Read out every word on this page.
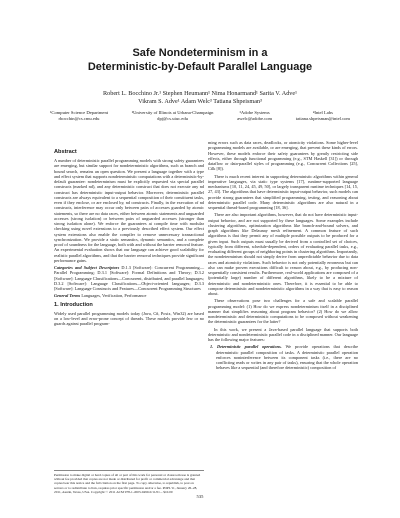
Safe Nondeterminism in a
Deterministic-by-Default Parallel Language
Robert L. Bocchino Jr.¹ Stephen Heumann¹ Nima Honarmand¹ Sarita V. Adve¹
Vikram S. Adve¹ Adam Welc³ Tatiana Shpeisman³
¹Computer Science Department
rbocchin@cs.cmu.edu
²University of Illinois at Urbana-Champaign
dpj@cs.uiuc.edu
³Adobe Systems
awelc@adobe.com
⁴Intel Labs
tatiana.shpeisman@intel.com
Abstract

A number of deterministic parallel programming models with strong safety guarantees are emerging, but similar support for nondeterministic algorithms, such as branch and bound search, remains an open question. We present a language together with a type and effect system that supports nondeterministic computations with a deterministic-by-default guarantee: nondeterminism must be explicitly requested via special parallel constructs (marked nd), and any deterministic construct that does not execute any nd construct has deterministic input-output behavior. Moreover, deterministic parallel constructs are always equivalent to a sequential composition of their constituent tasks, even if they enclose, or are enclosed by, nd constructs. Finally, in the execution of nd constructs, interference may occur only between pairs of accesses guarded by atomic statements, so there are no data races, either between atomic statements and unguarded accesses (strong isolation) or between pairs of unguarded accesses (stronger than strong isolation alone). We enforce the guarantees at compile time with modular checking using novel extensions to a previously described effect system. Our effect system extensions also enable the compiler to remove unnecessary transactional synchronization. We provide a static semantics, dynamic semantics, and a complete proof of soundness for the language, both with and without the barrier removal feature. An experimental evaluation shows that our language can achieve good scalability for realistic parallel algorithms, and that the barrier removal techniques provide significant performance gains.

Categories and Subject Descriptors D.1.3 [Software]: Concurrent Programming—Parallel Programming; D.3.1 [Software]: Formal Definitions and Theory; D.3.2 [Software]: Language Classifications—Concurrent, distributed, and parallel languages; D.3.2 [Software]: Language Classifications—Object-oriented languages; D.3.3 [Software]: Language Constructs and Features—Concurrent Programming Structures

General Terms Languages, Verification, Performance

1. Introduction

Widely used parallel programming models today (Java, C#, Posix, Win32) are based on a low-level and error-prone concept of threads. These models provide few or no guards against parallel program-

ming errors such as data races, deadlocks, or atomicity violations. Some higher-level programming models are available, or are emerging, that prevent these kinds of errors. However, these models enforce their safety guarantees by greatly restricting side effects, either through functional programming (e.g., STM Haskell [31]) or through dataflow or data-parallel styles of programming (e.g., Concurrent Collections [25], Cilk [8]).

There is much recent interest in supporting deterministic algorithms within general imperative languages, via static type systems [17], runtime-supported language mechanisms [10, 11, 24, 45, 49, 50], or largely transparent runtime techniques [14, 15, 27, 43]. The algorithms that have deterministic input-output behavior, such models can provide strong guarantees that simplified programming, testing, and reasoning about deterministic parallel code. Many deterministic algorithms are also natural in a sequential thread-based programming [18, 36].

There are also important algorithms, however, that do not have deterministic input-output behavior, and are not supported by these languages. Some examples include clustering algorithms, optimization algorithms like branch-and-bound solvers, and graph algorithms like Delaunay mesh refinement. A common feature of such algorithms is that they permit any of multiple possible outputs to be produced for a given input. Such outputs must usually be derived from a controlled set of choices, typically from different, schedule-dependent, orders of evaluating parallel tasks, e.g., evaluating different groups of neighboring points in clustering algorithms. Importantly, the nondeterminism should not simply derive from unpredictable behavior due to data races and atomicity violations. Such behavior is not only potentially erroneous but can also can make proven executions difficult to reason about, e.g., by producing non-sequentially consistent results. Furthermore, real-world applications are composed of a (potentially large) number of different algorithms, likely to be a mixture of deterministic and nondeterministic ones. Therefore, it is essential to be able to compose deterministic and nondeterministic algorithms in a way that is easy to reason about.

These observations pose two challenges for a safe and scalable parallel programming model: (1) How do we express nondeterminism itself in a disciplined manner that simplifies reasoning about program behavior? (2) How do we allow nondeterministic and deterministic computations to be composed without weakening the deterministic guarantees for the latter?

In this work, we present a Java-based parallel language that supports both deterministic and nondeterministic parallel code in a disciplined manner. Our language has the following major features:

1. Deterministic parallel operations. We provide operations that describe deterministic parallel composition of tasks. A deterministic parallel operation enforces noninterference between its component tasks (i.e., there are no conflicting reads or writes in any pair of tasks), ensuring that the whole operation behaves like a sequential (and therefore deterministic) composition of

Permission to make digital or hard copies of all or part of this work for personal or classroom use is granted without fee provided that copies are not made or distributed for profit or commercial advantage and that copies bear this notice and the full citation on the first page. To copy otherwise, to republish, to post on servers or to redistribute to lists, requires prior specific permission and/or a fee. POPL'11, January 26–28, 2011, Austin, Texas, USA. Copyright © 2011 ACM 978-1-4503-0490-0/11/01... $10.00
535
